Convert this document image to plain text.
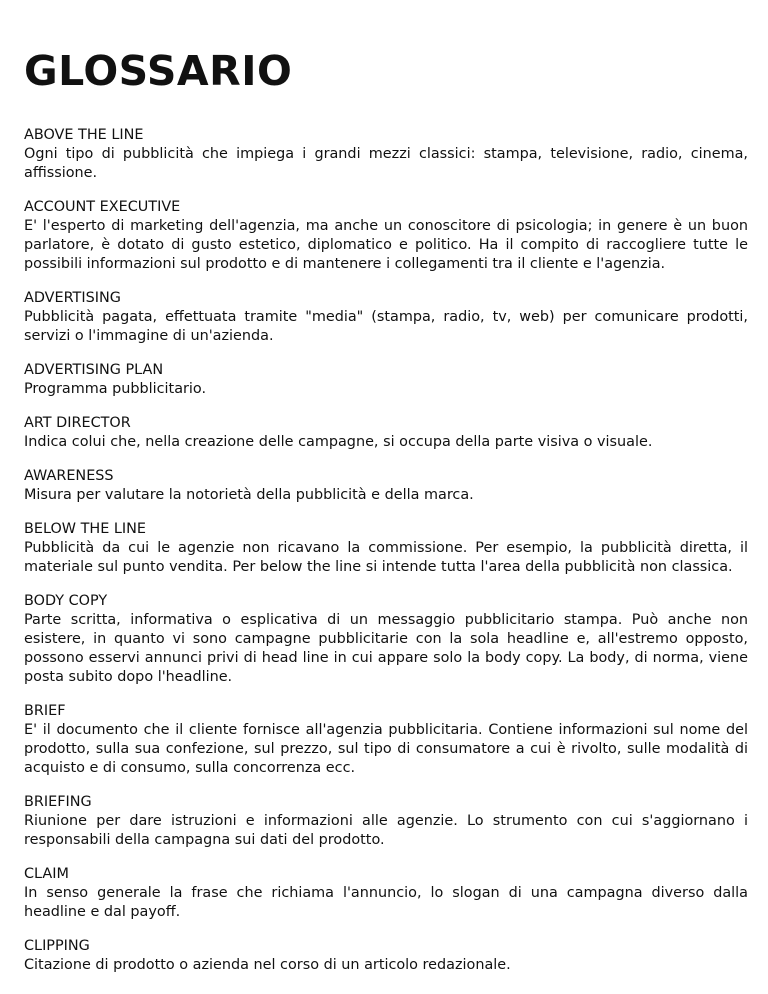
GLOSSARIO
ABOVE THE LINE
Ogni tipo di pubblicità che impiega i grandi mezzi classici: stampa, televisione, radio, cinema, affissione.
ACCOUNT EXECUTIVE
E' l'esperto di marketing dell'agenzia, ma anche un conoscitore di psicologia; in genere è un buon parlatore, è dotato di gusto estetico, diplomatico e politico. Ha il compito di raccogliere tutte le possibili informazioni sul prodotto e di mantenere i collegamenti tra il cliente e l'agenzia.
ADVERTISING
Pubblicità pagata, effettuata tramite "media" (stampa, radio, tv, web) per comunicare prodotti, servizi o l'immagine di un'azienda.
ADVERTISING PLAN
Programma pubblicitario.
ART DIRECTOR
Indica colui che, nella creazione delle campagne, si occupa della parte visiva o visuale.
AWARENESS
Misura per valutare la notorietà della pubblicità e della marca.
BELOW THE LINE
Pubblicità da cui le agenzie non ricavano la commissione. Per esempio, la pubblicità diretta, il materiale sul punto vendita. Per below the line si intende tutta l'area della pubblicità non classica.
BODY COPY
Parte scritta, informativa o esplicativa di un messaggio pubblicitario stampa. Può anche non esistere, in quanto vi sono campagne pubblicitarie con la sola headline e, all'estremo opposto, possono esservi annunci privi di head line in cui appare solo la body copy. La body, di norma, viene posta subito dopo l'headline.
BRIEF
E' il documento che il cliente fornisce all'agenzia pubblicitaria. Contiene informazioni sul nome del prodotto, sulla sua confezione, sul prezzo, sul tipo di consumatore a cui è rivolto, sulle modalità di acquisto e di consumo, sulla concorrenza ecc.
BRIEFING
Riunione per dare istruzioni e informazioni alle agenzie. Lo strumento con cui s'aggiornano i responsabili della campagna sui dati del prodotto.
CLAIM
In senso generale la frase che richiama l'annuncio, lo slogan di una campagna diverso dalla headline e dal payoff.
CLIPPING
Citazione di prodotto o azienda nel corso di un articolo redazionale.
